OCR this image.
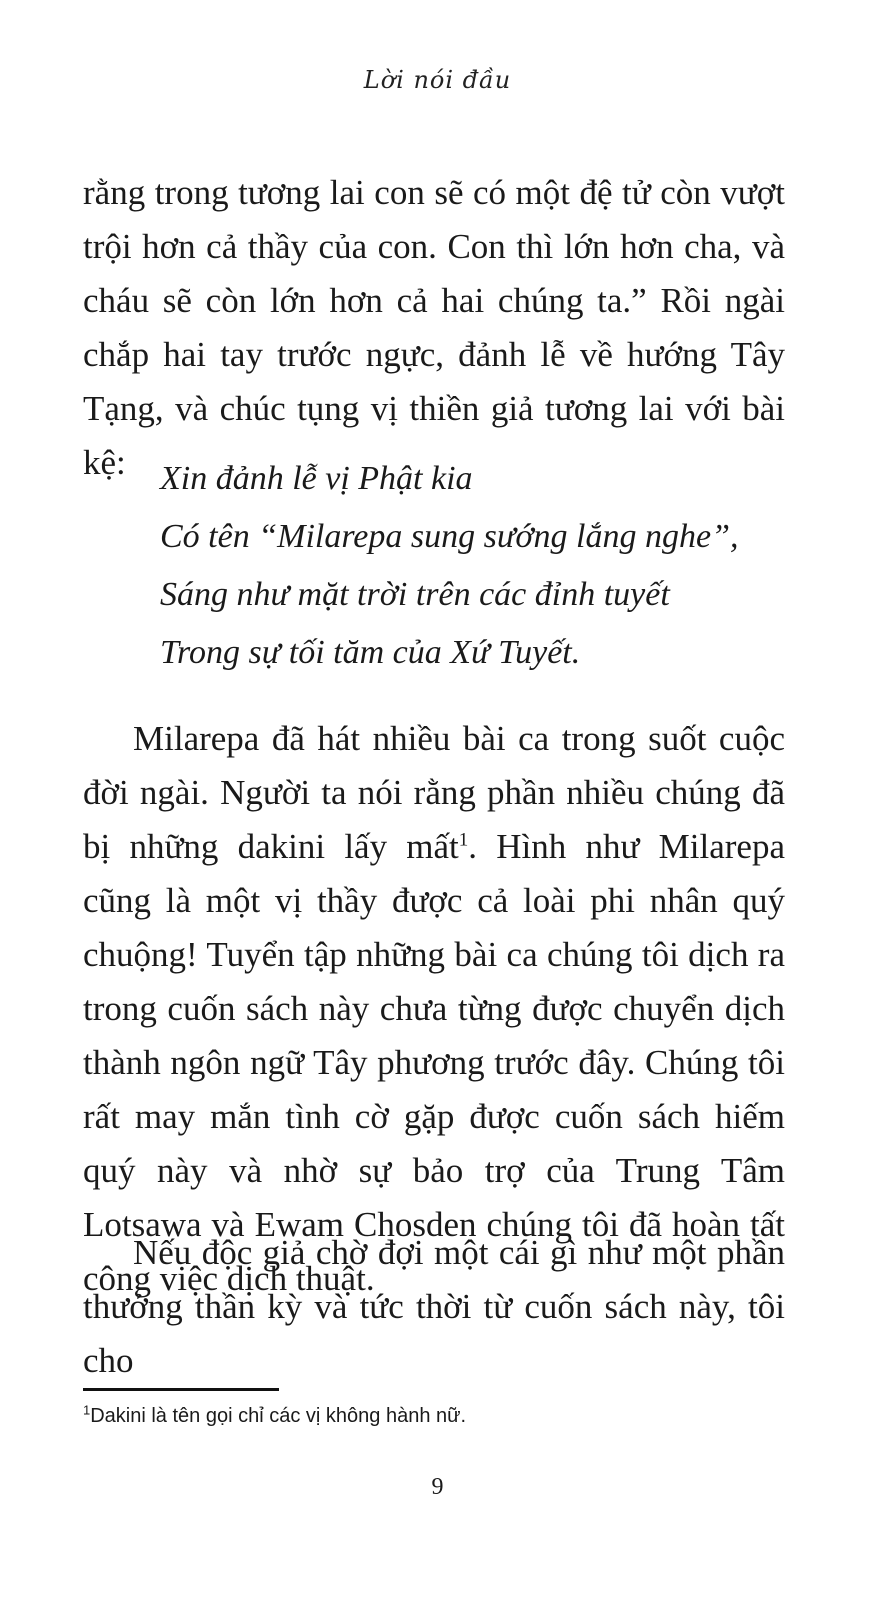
Lời nói đầu

rằng trong tương lai con sẽ có một đệ tử còn vượt trội hơn cả thầy của con. Con thì lớn hơn cha, và cháu sẽ còn lớn hơn cả hai chúng ta.” Rồi ngài chắp hai tay trước ngực, đảnh lễ về hướng Tây Tạng, và chúc tụng vị thiền giả tương lai với bài kệ:	Xin đảnh lễ vị Phật kia
Có tên “Milarepa sung sướng lắng nghe”,
Sáng như mặt trời trên các đỉnh tuyết
Trong sự tối tăm của Xứ Tuyết.

Milarepa đã hát nhiều bài ca trong suốt cuộc đời ngài. Người ta nói rằng phần nhiều chúng đã bị những dakini lấy mất$^1$. Hình như Milarepa cũng là một vị thầy được cả loài phi nhân quý chuộng! Tuyển tập những bài ca chúng tôi dịch ra trong cuốn sách này chưa từng được chuyển dịch thành ngôn ngữ Tây phương trước đây. Chúng tôi rất may mắn tình cờ gặp được cuốn sách hiếm quý này và nhờ sự bảo trợ của Trung Tâm Lotsawa và Ewam Chosden chúng tôi đã hoàn tất công việc dịch thuật.

Nếu độc giả chờ đợi một cái gì như một phần thưởng thần kỳ và tức thời từ cuốn sách này, tôi cho

$^1$Dakini là tên gọi chỉ các vị không hành nữ.
9
